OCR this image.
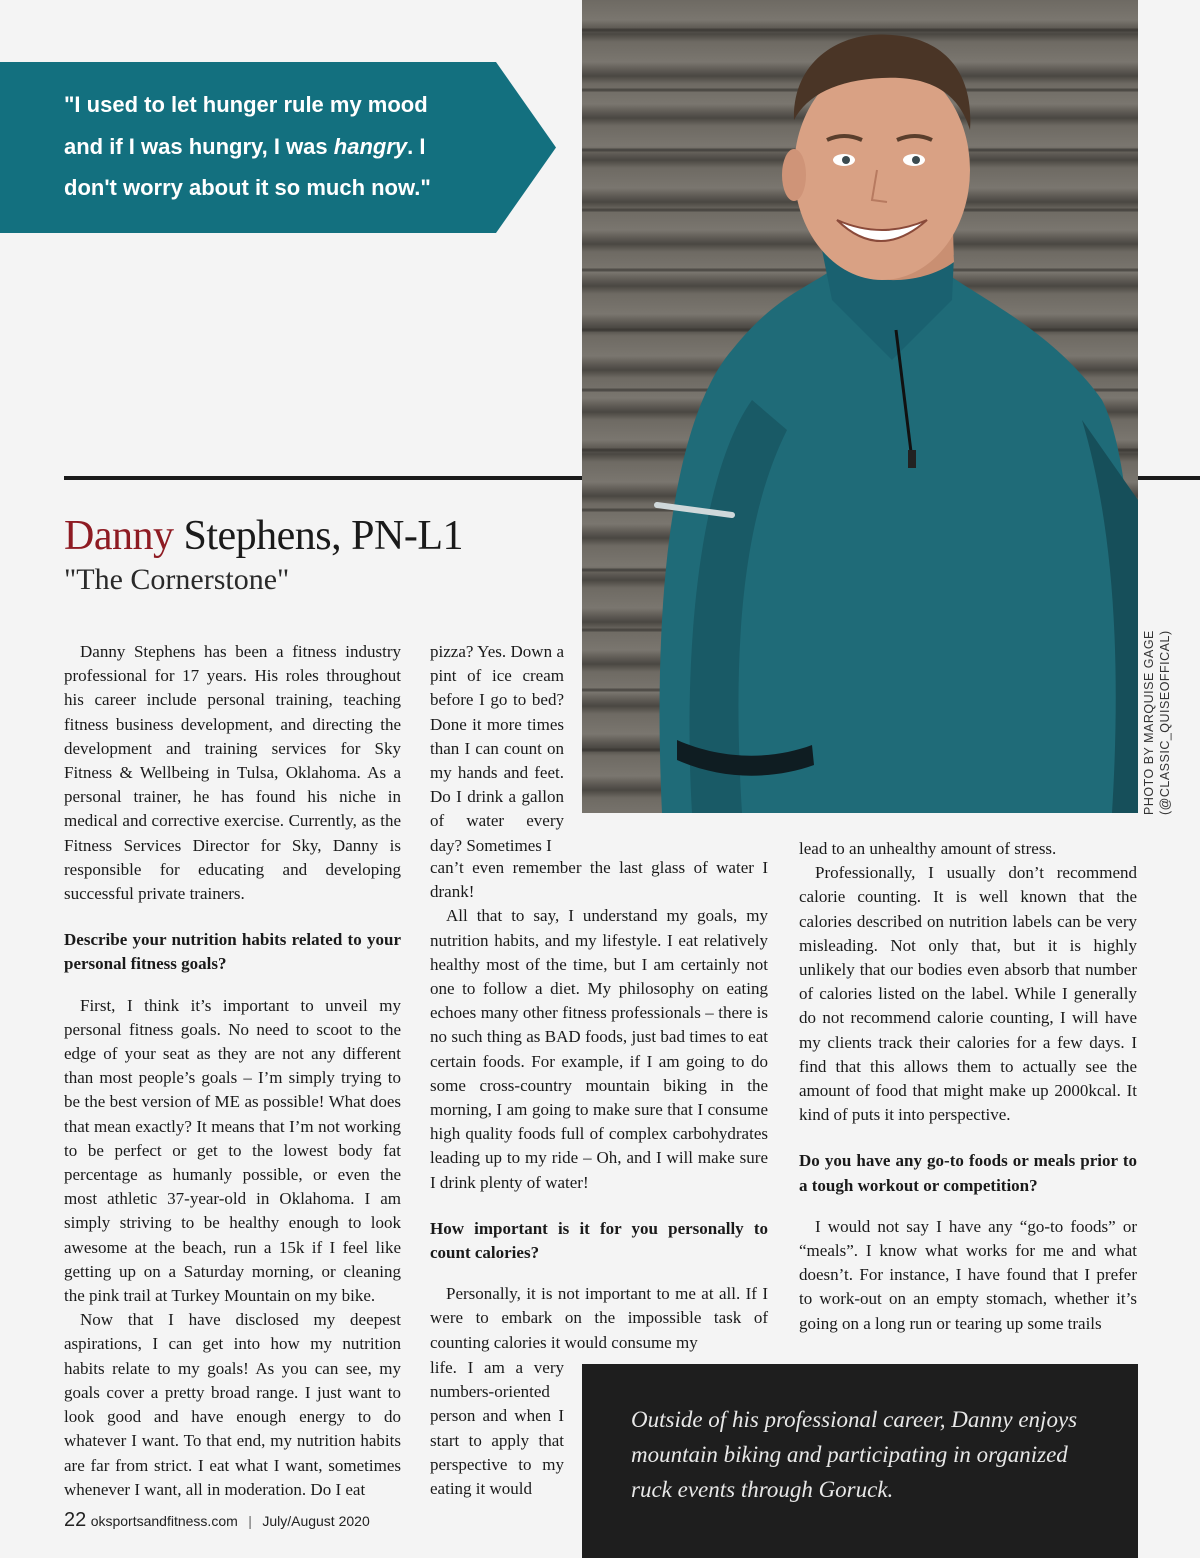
PHOTO BY MARQUISE GAGE (@CLASSIC_QUISEOFFICAL)
"I used to let hunger rule my mood
and if I was hungry, I was hangry. I
don't worry about it so much now."
Danny Stephens, PN-L1
"The Cornerstone"

Danny Stephens has been a fitness industry professional for 17 years. His roles throughout his career include personal training, teaching fitness business development, and directing the development and training services for Sky Fitness & Wellbeing in Tulsa, Oklahoma. As a personal trainer, he has found his niche in medical and corrective exercise. Currently, as the Fitness Services Director for Sky, Danny is responsible for educating and developing successful private trainers.

Describe your nutrition habits related to your personal fitness goals?

First, I think it’s important to unveil my personal fitness goals. No need to scoot to the edge of your seat as they are not any different than most people’s goals – I’m simply trying to be the best version of ME as possible! What does that mean exactly? It means that I’m not working to be perfect or get to the lowest body fat percentage as humanly possible, or even the most athletic 37-year-old in Oklahoma. I am simply striving to be healthy enough to look awesome at the beach, run a 15k if I feel like getting up on a Saturday morning, or cleaning the pink trail at Turkey Mountain on my bike.

Now that I have disclosed my deepest aspirations, I can get into how my nutrition habits relate to my goals! As you can see, my goals cover a pretty broad range. I just want to look good and have enough energy to do whatever I want. To that end, my nutrition habits are far from strict. I eat what I want, sometimes whenever I want, all in moderation. Do I eat

pizza? Yes. Down a pint of ice cream before I go to bed? Done it more times than I can count on my hands and feet. Do I drink a gallon of water every day? Sometimes I

can’t even remember the last glass of water I drank!

All that to say, I understand my goals, my nutrition habits, and my lifestyle. I eat relatively healthy most of the time, but I am certainly not one to follow a diet. My philosophy on eating echoes many other fitness professionals – there is no such thing as BAD foods, just bad times to eat certain foods. For example, if I am going to do some cross-country mountain biking in the morning, I am going to make sure that I consume high quality foods full of complex carbohydrates leading up to my ride – Oh, and I will make sure I drink plenty of water!

How important is it for you personally to count calories?

Personally, it is not important to me at all. If I were to embark on the impossible task of counting calories it would consume my

life. I am a very numbers-oriented person and when I start to apply that perspective to my eating it would

lead to an unhealthy amount of stress.

Professionally, I usually don’t recommend calorie counting. It is well known that the calories described on nutrition labels can be very misleading. Not only that, but it is highly unlikely that our bodies even absorb that number of calories listed on the label. While I generally do not recommend calorie counting, I will have my clients track their calories for a few days. I find that this allows them to actually see the amount of food that might make up 2000kcal. It kind of puts it into perspective.

Do you have any go-to foods or meals prior to a tough workout or competition?

I would not say I have any “go-to foods” or “meals”. I know what works for me and what doesn’t. For instance, I have found that I prefer to work-out on an empty stomach, whether it’s going on a long run or tearing up some trails

Outside of his professional career, Danny enjoys mountain biking and participating in organized ruck events through Goruck.
22 oksportsandfitness.com | July/August 2020
